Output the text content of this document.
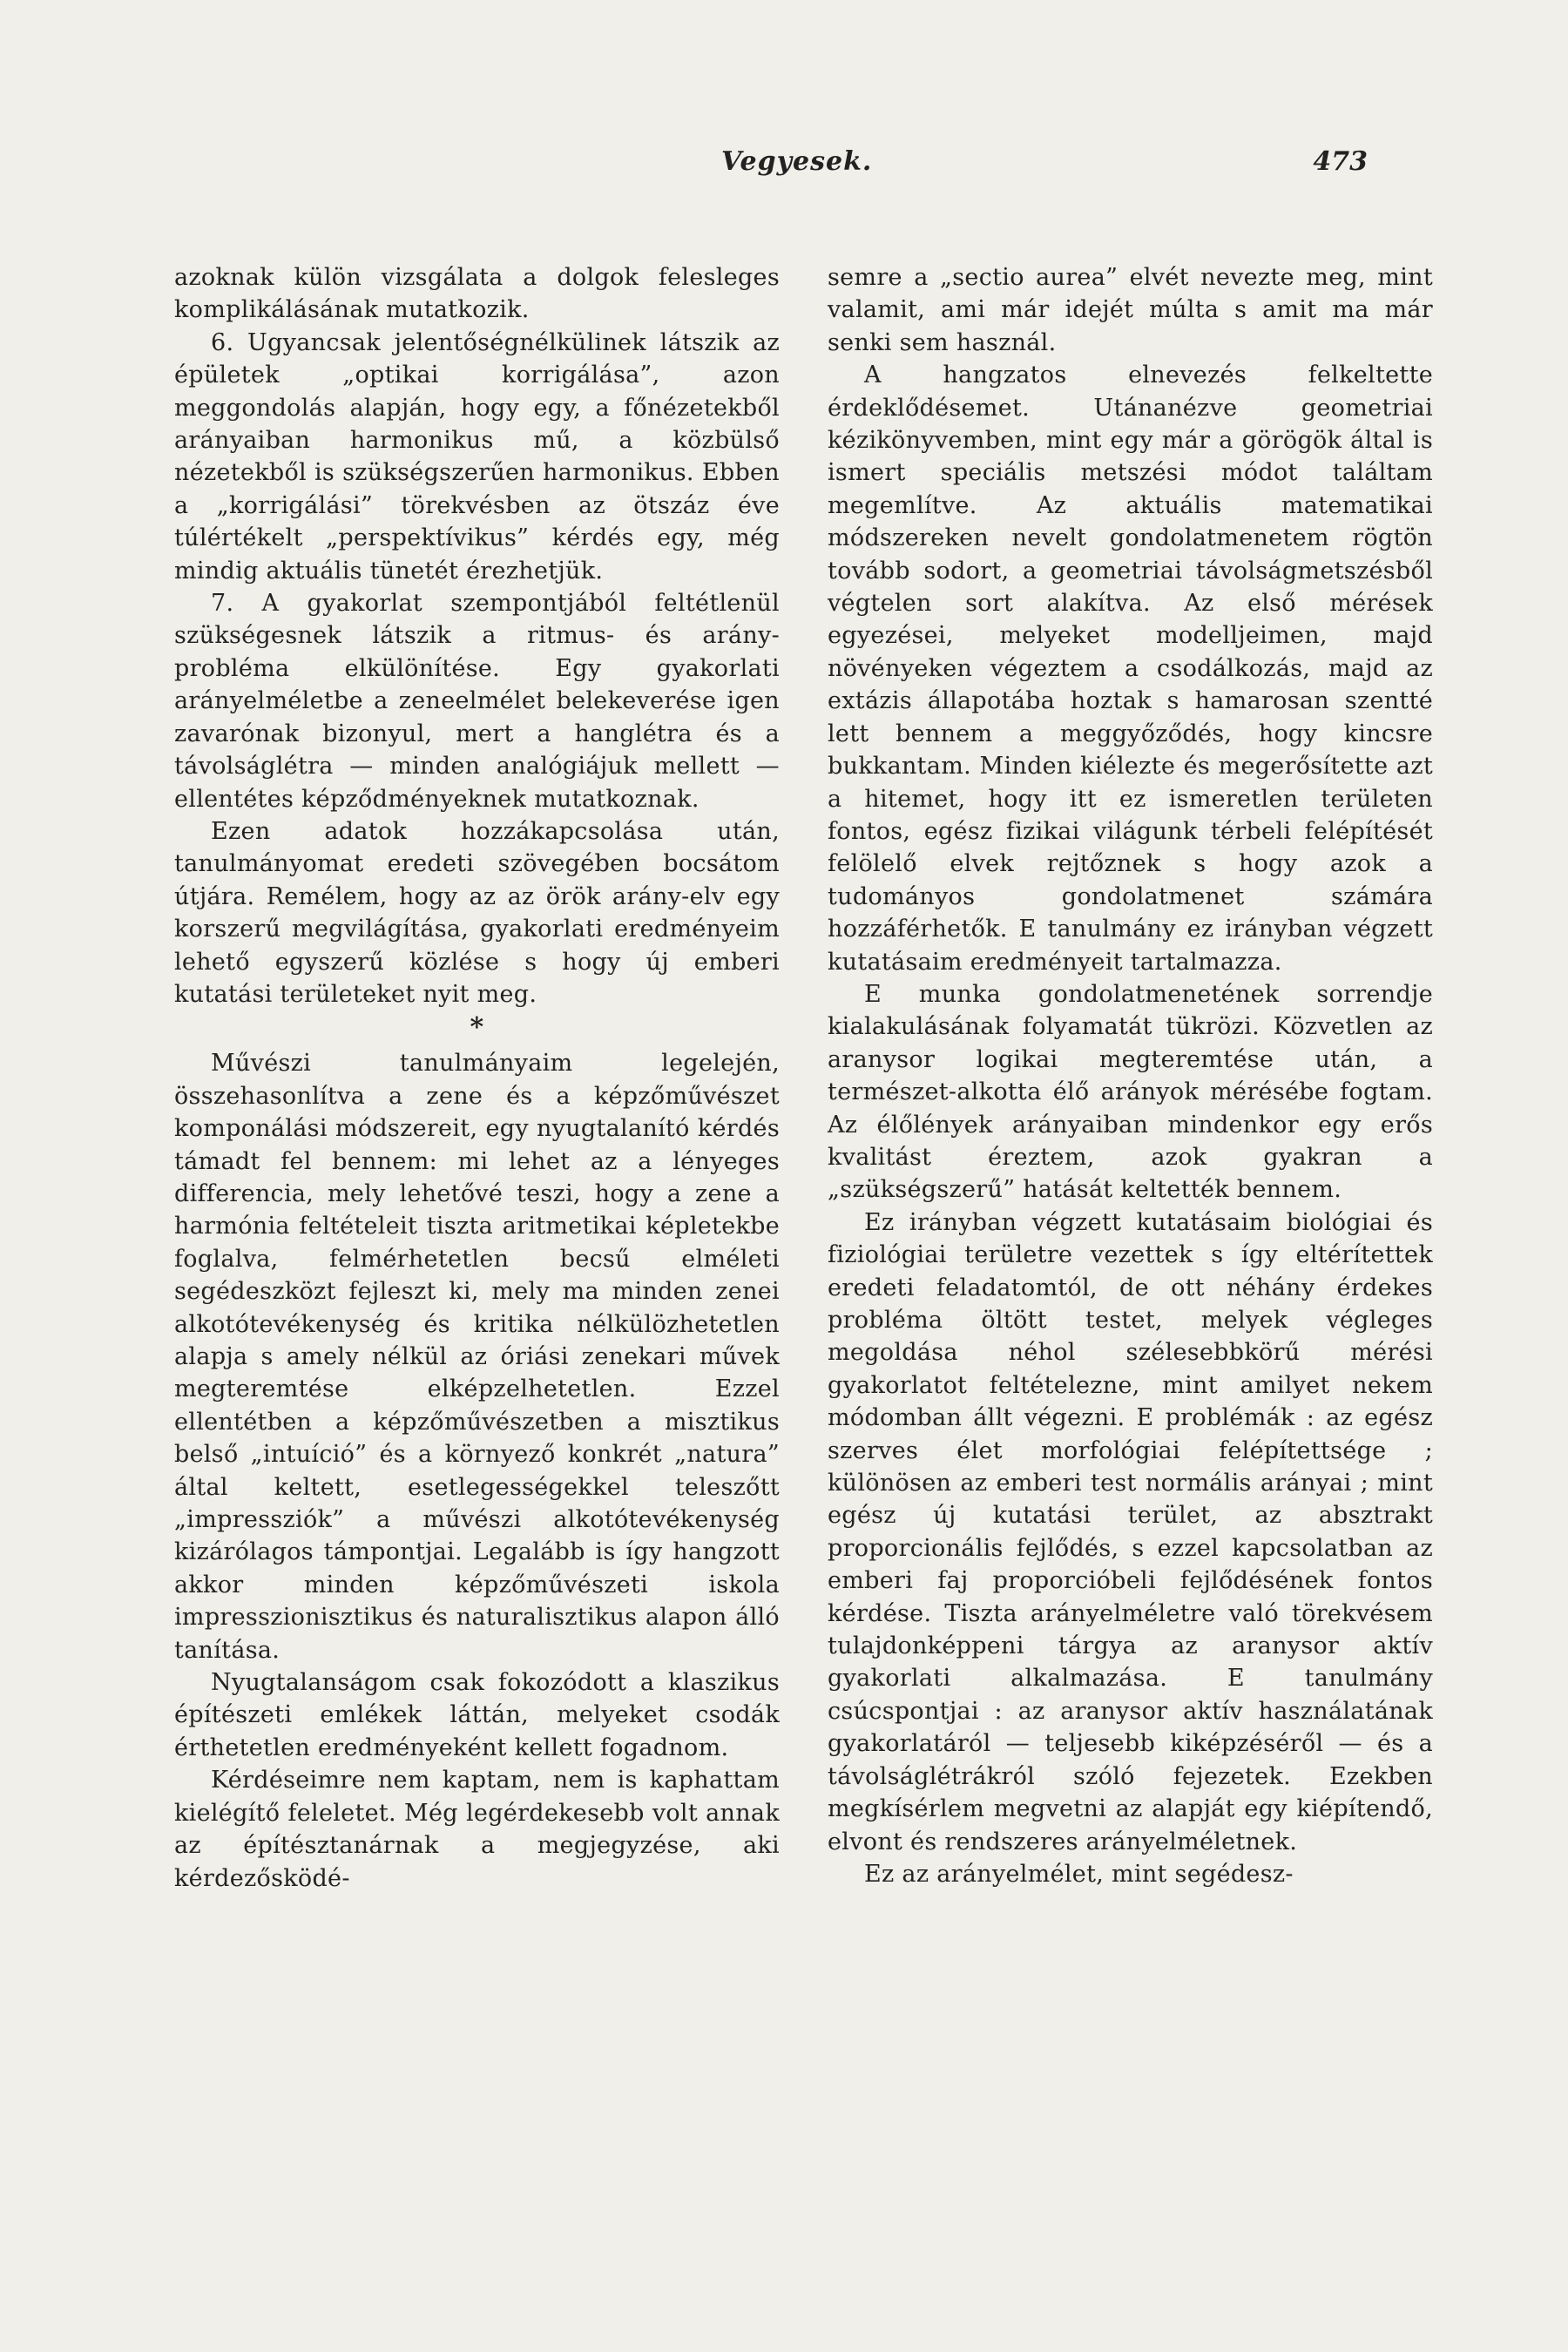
Vegyesek.	473

azoknak külön vizsgálata a dolgok felesleges komplikálásának mutatkozik.

6. Ugyancsak jelentőségnélkülinek látszik az épületek „optikai korrigálása”, azon meggondolás alapján, hogy egy, a főnézetekből arányaiban harmonikus mű, a közbülső nézetekből is szükségszerűen harmonikus. Ebben a „korrigálási” törekvésben az ötszáz éve túlértékelt „perspektívikus” kérdés egy, még mindig aktuális tünetét érezhetjük.

7. A gyakorlat szempontjából feltétlenül szükségesnek látszik a ritmus- és arány-probléma elkülönítése. Egy gyakorlati arányelméletbe a zeneelmélet belekeverése igen zavarónak bizonyul, mert a hanglétra és a távolságlétra — minden analógiájuk mellett — ellentétes képződményeknek mutatkoznak.

Ezen adatok hozzákapcsolása után, tanulmányomat eredeti szövegében bocsátom útjára. Remélem, hogy az az örök arány-elv egy korszerű megvilágítása, gyakorlati eredményeim lehető egyszerű közlése s hogy új emberi kutatási területeket nyit meg.

*

Művészi tanulmányaim legelején, összehasonlítva a zene és a képzőművészet komponálási módszereit, egy nyugtalanító kérdés támadt fel bennem: mi lehet az a lényeges differencia, mely lehetővé teszi, hogy a zene a harmónia feltételeit tiszta aritmetikai képletekbe foglalva, felmérhetetlen becsű elméleti segédeszközt fejleszt ki, mely ma minden zenei alkotótevékenység és kritika nélkülözhetetlen alapja s amely nélkül az óriási zenekari művek megteremtése elképzelhetetlen. Ezzel ellentétben a képzőművészetben a misztikus belső „intuíció” és a környező konkrét „natura” által keltett, esetlegességekkel teleszőtt „impressziók” a művészi alkotótevékenység kizárólagos támpontjai. Legalább is így hangzott akkor minden képzőművészeti iskola impresszionisztikus és naturalisztikus alapon álló tanítása.

Nyugtalanságom csak fokozódott a klaszikus építészeti emlékek láttán, melyeket csodák érthetetlen eredményeként kellett fogadnom.

Kérdéseimre nem kaptam, nem is kaphattam kielégítő feleletet. Még legérdekesebb volt annak az építésztanárnak a megjegyzése, aki kérdezősködé-

semre a „sectio aurea” elvét nevezte meg, mint valamit, ami már idejét múlta s amit ma már senki sem használ.

A hangzatos elnevezés felkeltette érdeklődésemet. Utánanézve geometriai kézikönyvemben, mint egy már a görögök által is ismert speciális metszési módot találtam megemlítve. Az aktuális matematikai módszereken nevelt gondolatmenetem rögtön tovább sodort, a geometriai távolságmetszésből végtelen sort alakítva. Az első mérések egyezései, melyeket modelljeimen, majd növényeken végeztem a csodálkozás, majd az extázis állapotába hoztak s hamarosan szentté lett bennem a meggyőződés, hogy kincsre bukkantam. Minden kiélezte és megerősítette azt a hitemet, hogy itt ez ismeretlen területen fontos, egész fizikai világunk térbeli felépítését felölelő elvek rejtőznek s hogy azok a tudományos gondolatmenet számára hozzáférhetők. E tanulmány ez irányban végzett kutatásaim eredményeit tartalmazza.

E munka gondolatmenetének sorrendje kialakulásának folyamatát tükrözi. Közvetlen az aranysor logikai megteremtése után, a természet-alkotta élő arányok mérésébe fogtam. Az élőlények arányaiban mindenkor egy erős kvalitást éreztem, azok gyakran a „szükségszerű” hatását keltették bennem.

Ez irányban végzett kutatásaim biológiai és fiziológiai területre vezettek s így eltérítettek eredeti feladatomtól, de ott néhány érdekes probléma öltött testet, melyek végleges megoldása néhol szélesebbkörű mérési gyakorlatot feltételezne, mint amilyet nekem módomban állt végezni. E problémák : az egész szerves élet morfológiai felépítettsége ; különösen az emberi test normális arányai ; mint egész új kutatási terület, az absztrakt proporcionális fejlődés, s ezzel kapcsolatban az emberi faj proporcióbeli fejlődésének fontos kérdése. Tiszta arányelméletre való törekvésem tulajdonképpeni tárgya az aranysor aktív gyakorlati alkalmazása. E tanulmány csúcspontjai : az aranysor aktív használatának gyakorlatáról — teljesebb kiképzéséről — és a távolságlétrákról szóló fejezetek. Ezekben megkísérlem megvetni az alapját egy kiépítendő, elvont és rendszeres arányelméletnek.

Ez az arányelmélet, mint segédesz-
